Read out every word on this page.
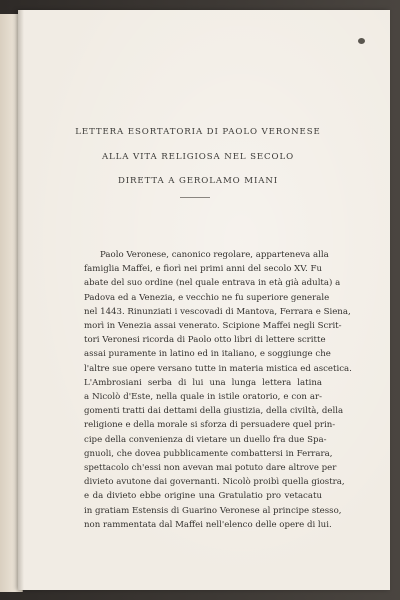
LETTERA ESORTATORIA DI PAOLO VERONESE
ALLA VITA RELIGIOSA NEL SECOLO
DIRETTA A GEROLAMO MIANI
Paolo Veronese, canonico regolare, apparteneva alla
famiglia Maffei, e fiorì nei primi anni del secolo XV. Fu
abate del suo ordine (nel quale entrava in età già adulta) a
Padova ed a Venezia, e vecchio ne fu superiore generale
nel 1443. Rinunziati i vescovadi di Mantova, Ferrara e Siena,
morì in Venezia assai venerato. Scipione Maffei negli Scrit-
tori Veronesi ricorda di Paolo otto libri di lettere scritte
assai puramente in latino ed in italiano, e soggiunge che
l'altre sue opere versano tutte in materia mistica ed ascetica.
L'Ambrosiani serba di lui una lunga lettera latina
a Nicolò d'Este, nella quale in istile oratorio, e con ar-
gomenti tratti dai dettami della giustizia, della civiltà, della
religione e della morale si sforza di persuadere quel prin-
cipe della convenienza di vietare un duello fra due Spa-
gnuoli, che dovea pubblicamente combattersi in Ferrara,
spettacolo ch'essi non avevan mai potuto dare altrove per
divieto avutone dai governanti. Nicolò proibì quella giostra,
e da divieto ebbe origine una Gratulatio pro vetacatu
in gratiam Estensis di Guarino Veronese al principe stesso,
non rammentata dal Maffei nell'elenco delle opere di lui.
